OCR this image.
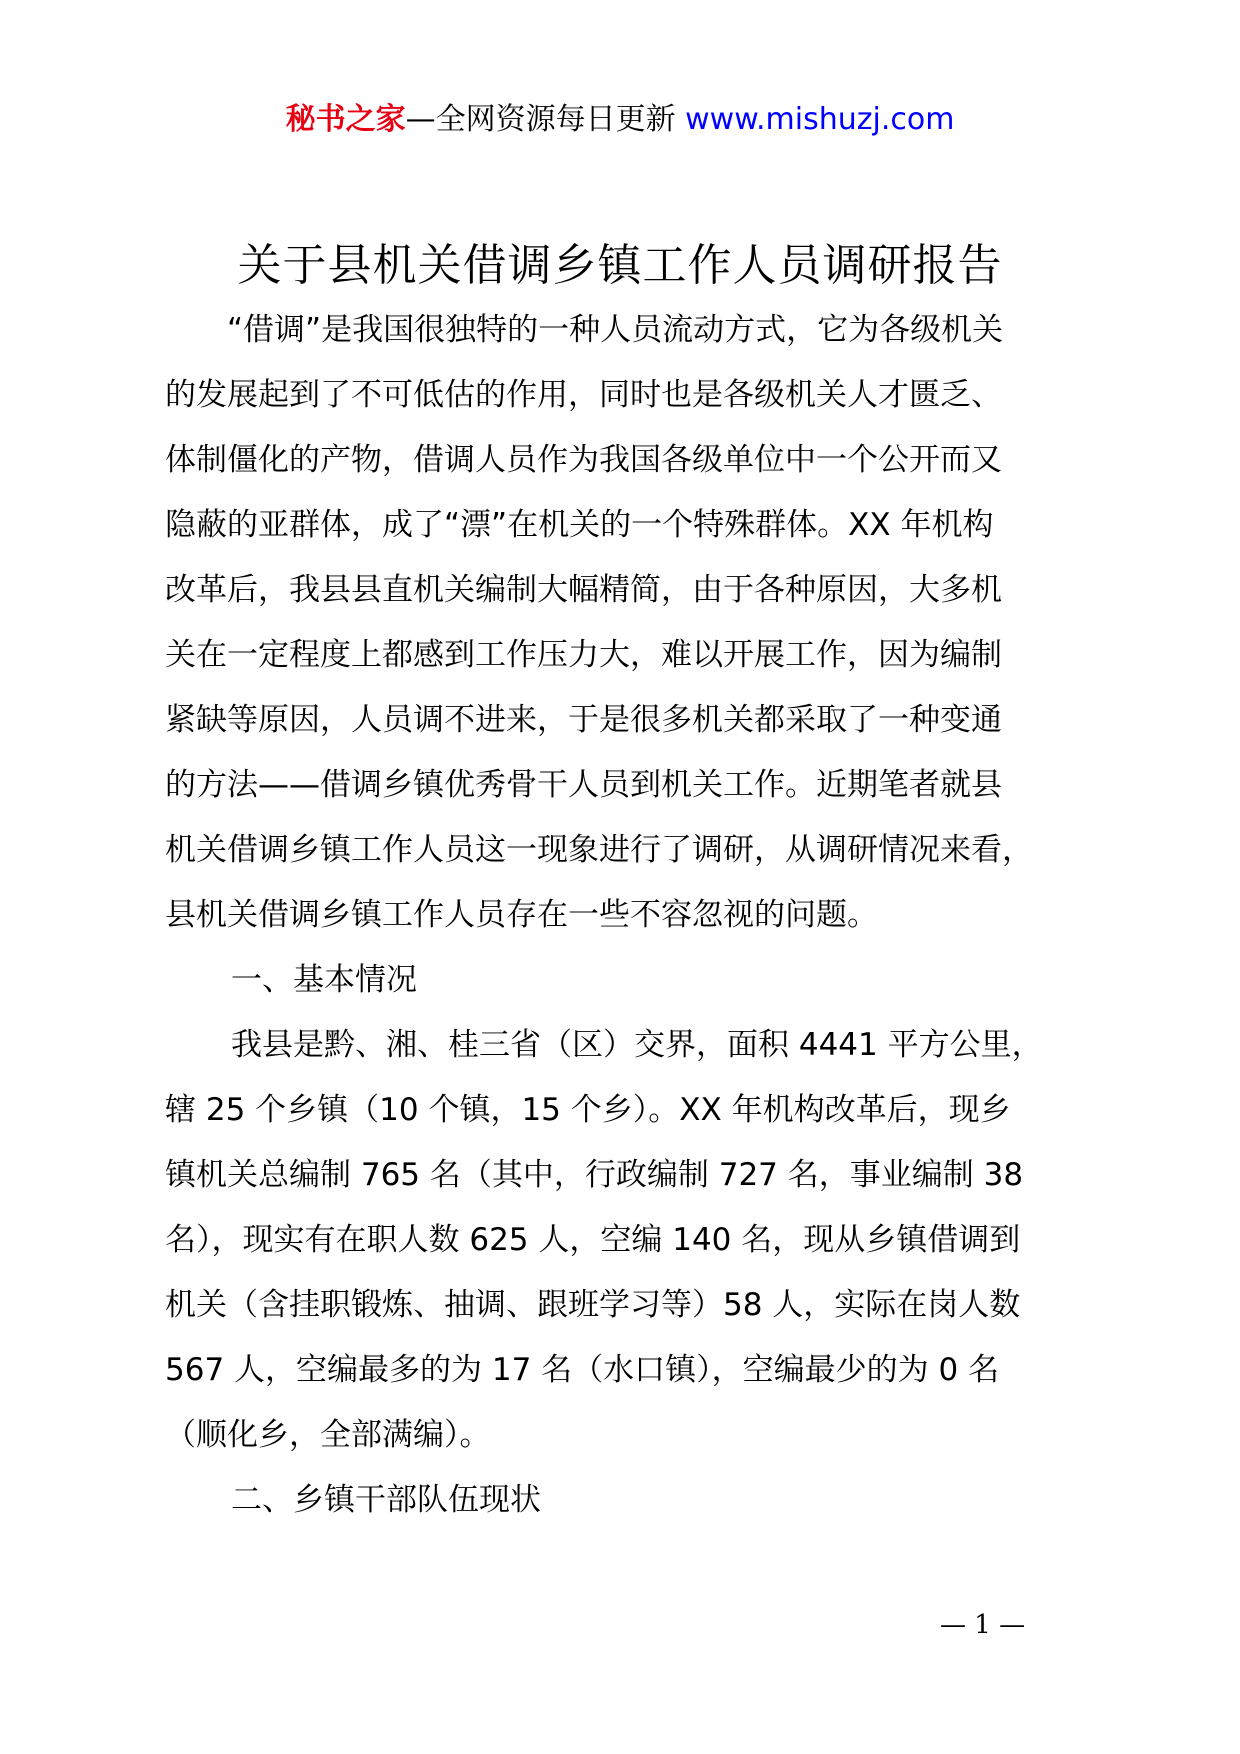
秘书之家—全网资源每日更新 www.mishuzj.com
关于县机关借调乡镇工作人员调研报告
“借调”是我国很独特的一种人员流动方式，它为各级机关
的发展起到了不可低估的作用，同时也是各级机关人才匮乏、
体制僵化的产物，借调人员作为我国各级单位中一个公开而又
隐蔽的亚群体，成了“漂”在机关的一个特殊群体。XX 年机构
改革后，我县县直机关编制大幅精简，由于各种原因，大多机
关在一定程度上都感到工作压力大，难以开展工作，因为编制
紧缺等原因，人员调不进来，于是很多机关都采取了一种变通
的方法——借调乡镇优秀骨干人员到机关工作。近期笔者就县
机关借调乡镇工作人员这一现象进行了调研，从调研情况来看，
县机关借调乡镇工作人员存在一些不容忽视的问题。
一、基本情况
我县是黔、湘、桂三省（区）交界，面积 4441 平方公里，
辖 25 个乡镇（10 个镇，15 个乡）。XX 年机构改革后，现乡
镇机关总编制 765 名（其中，行政编制 727 名，事业编制 38
名），现实有在职人数 625 人，空编 140 名，现从乡镇借调到
机关（含挂职锻炼、抽调、跟班学习等）58 人，实际在岗人数
567 人，空编最多的为 17 名（水口镇），空编最少的为 0 名
（顺化乡，全部满编）。
二、乡镇干部队伍现状
— 1 —
